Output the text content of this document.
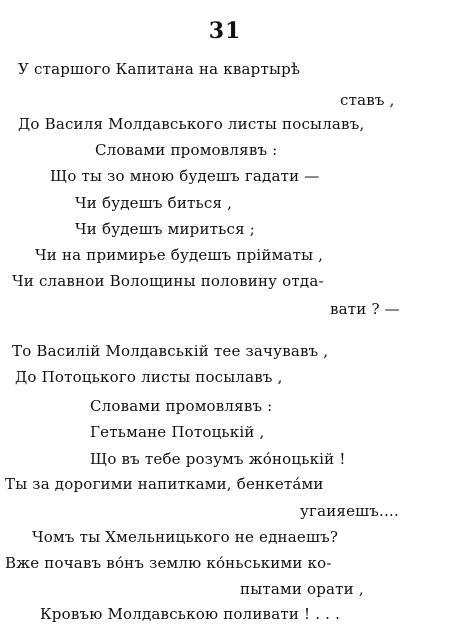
31
У старшого Капитана на квартырѣ
ставъ ,
До Василя Молдавського листы посылавъ,
Словами промовлявъ :
Що ты зо мною будешъ гадати —
Чи будешъ битьcя ,
Чи будешъ мириться ;
Чи на примирье будешъ прійматы ,
Чи славнои Волощины половину отда-
вати ? —
То Василій Молдавській тее зачувавъ ,
До Потоцького листы посылавъ ,
Словами промовлявъ :
Гетьмане Потоцькій ,
Що въ тебе розумъ жо́ноцькій !
Ты за дорогими напитками, бенкета́ми
угаияешъ....
Чомъ ты Хмельницького не еднаешъ?
Вже почавъ во́нъ землю ко́ньськими ко-
пытами орати ,
Кровъю Молдавською поливати ! . . .
